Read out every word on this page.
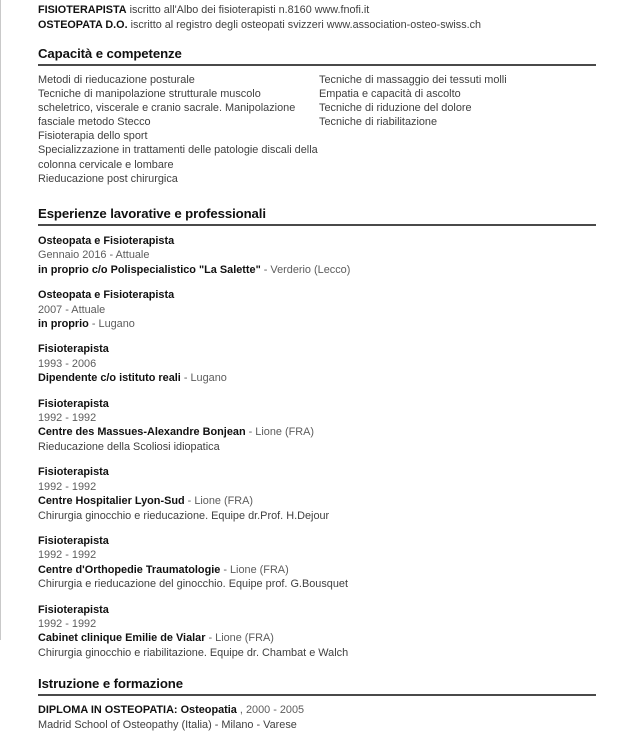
FISIOTERAPISTA iscritto all'Albo dei fisioterapisti n.8160 www.fnofi.it
OSTEOPATA D.O. iscritto al registro degli osteopati svizzeri www.association-osteo-swiss.ch
Capacità e competenze
Metodi di rieducazione posturale
Tecniche di manipolazione strutturale muscolo
scheletrico, viscerale e cranio sacrale. Manipolazione
fasciale metodo Stecco
Fisioterapia dello sport
Specializzazione in trattamenti delle patologie discali della
colonna cervicale e lombare
Rieducazione post chirurgica
Tecniche di massaggio dei tessuti molli
Empatia e capacità di ascolto
Tecniche di riduzione del dolore
Tecniche di riabilitazione
Esperienze lavorative e professionali
Osteopata e Fisioterapista
Gennaio 2016 - Attuale
in proprio c/o Polispecialistico "La Salette" - Verderio (Lecco)
Osteopata e Fisioterapista
2007 - Attuale
in proprio - Lugano
Fisioterapista
1993 - 2006
Dipendente c/o istituto reali - Lugano
Fisioterapista
1992 - 1992
Centre des Massues-Alexandre Bonjean - Lione (FRA)
Rieducazione della Scoliosi idiopatica
Fisioterapista
1992 - 1992
Centre Hospitalier Lyon-Sud - Lione (FRA)
Chirurgia ginocchio e rieducazione. Equipe dr.Prof. H.Dejour
Fisioterapista
1992 - 1992
Centre d'Orthopedie Traumatologie - Lione (FRA)
Chirurgia e rieducazione del ginocchio. Equipe prof. G.Bousquet
Fisioterapista
1992 - 1992
Cabinet clinique Emilie de Vialar - Lione (FRA)
Chirurgia ginocchio e riabilitazione. Equipe dr. Chambat e Walch
Istruzione e formazione
DIPLOMA IN OSTEOPATIA: Osteopatia , 2000 - 2005
Madrid School of Osteopathy (Italia) - Milano - Varese
